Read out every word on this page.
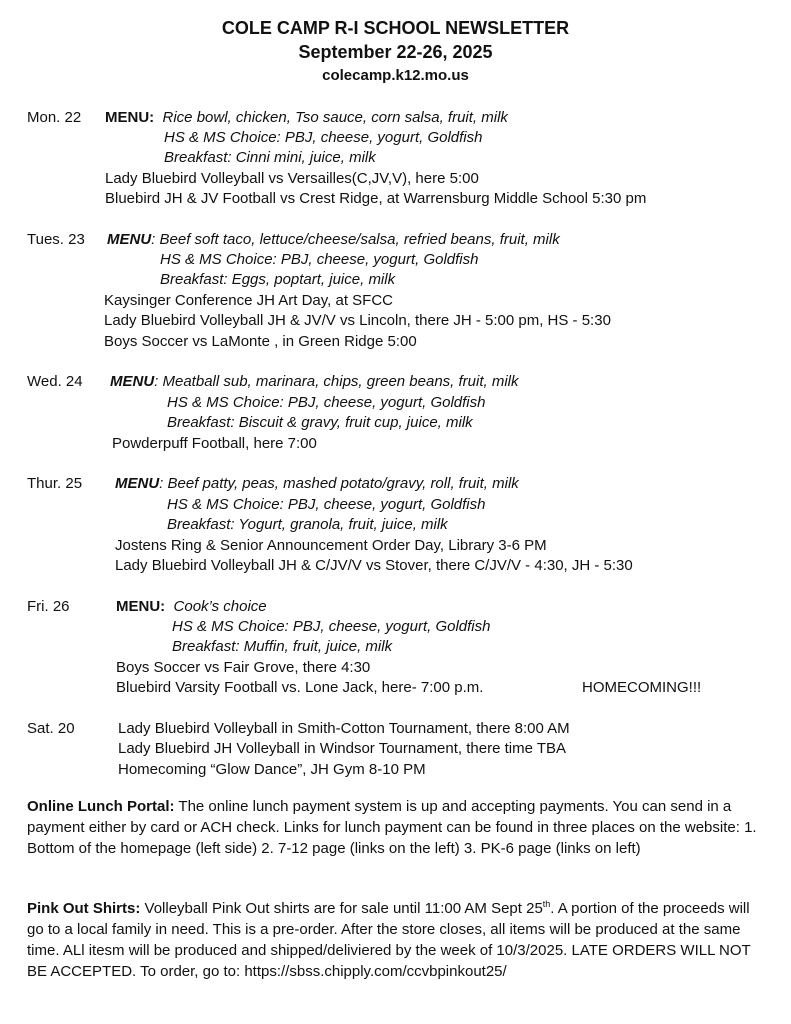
COLE CAMP R-I SCHOOL NEWSLETTER
September 22-26, 2025
colecamp.k12.mo.us
Mon. 22 MENU: Rice bowl, chicken, Tso sauce, corn salsa, fruit, milk
HS & MS Choice: PBJ, cheese, yogurt, Goldfish
Breakfast: Cinni mini, juice, milk
Lady Bluebird Volleyball vs Versailles(C,JV,V), here 5:00
Bluebird JH & JV Football vs Crest Ridge, at Warrensburg Middle School 5:30 pm
Tues. 23 MENU: Beef soft taco, lettuce/cheese/salsa, refried beans, fruit, milk
HS & MS Choice: PBJ, cheese, yogurt, Goldfish
Breakfast: Eggs, poptart, juice, milk
Kaysinger Conference JH Art Day, at SFCC
Lady Bluebird Volleyball JH & JV/V vs Lincoln, there JH - 5:00 pm, HS - 5:30
Boys Soccer vs LaMonte , in Green Ridge 5:00
Wed. 24 MENU: Meatball sub, marinara, chips, green beans, fruit, milk
HS & MS Choice: PBJ, cheese, yogurt, Goldfish
Breakfast: Biscuit & gravy, fruit cup, juice, milk
Powderpuff Football, here 7:00
Thur. 25 MENU: Beef patty, peas, mashed potato/gravy, roll, fruit, milk
HS & MS Choice: PBJ, cheese, yogurt, Goldfish
Breakfast: Yogurt, granola, fruit, juice, milk
Jostens Ring & Senior Announcement Order Day, Library 3-6 PM
Lady Bluebird Volleyball JH & C/JV/V vs Stover, there C/JV/V - 4:30, JH - 5:30
Fri. 26	MENU: Cook’s choice
HS & MS Choice: PBJ, cheese, yogurt, Goldfish
Breakfast: Muffin, fruit, juice, milk
Boys Soccer vs Fair Grove, there 4:30
Bluebird Varsity Football vs. Lone Jack, here- 7:00 p.m.	HOMECOMING!!!
Sat. 20	Lady Bluebird Volleyball in Smith-Cotton Tournament, there 8:00 AM
Lady Bluebird JH Volleyball in Windsor Tournament, there time TBA
Homecoming “Glow Dance”, JH Gym 8-10 PM
Online Lunch Portal: The online lunch payment system is up and accepting payments. You can send in a payment either by card or ACH check. Links for lunch payment can be found in three places on the website: 1. Bottom of the homepage (left side) 2. 7-12 page (links on the left) 3. PK-6 page (links on left)
Pink Out Shirts: Volleyball Pink Out shirts are for sale until 11:00 AM Sept 25th. A portion of the proceeds will go to a local family in need. This is a pre-order. After the store closes, all items will be produced at the same time. ALl itesm will be produced and shipped/deliviered by the week of 10/3/2025. LATE ORDERS WILL NOT BE ACCEPTED. To order, go to: https://sbss.chipply.com/ccvbpinkout25/
